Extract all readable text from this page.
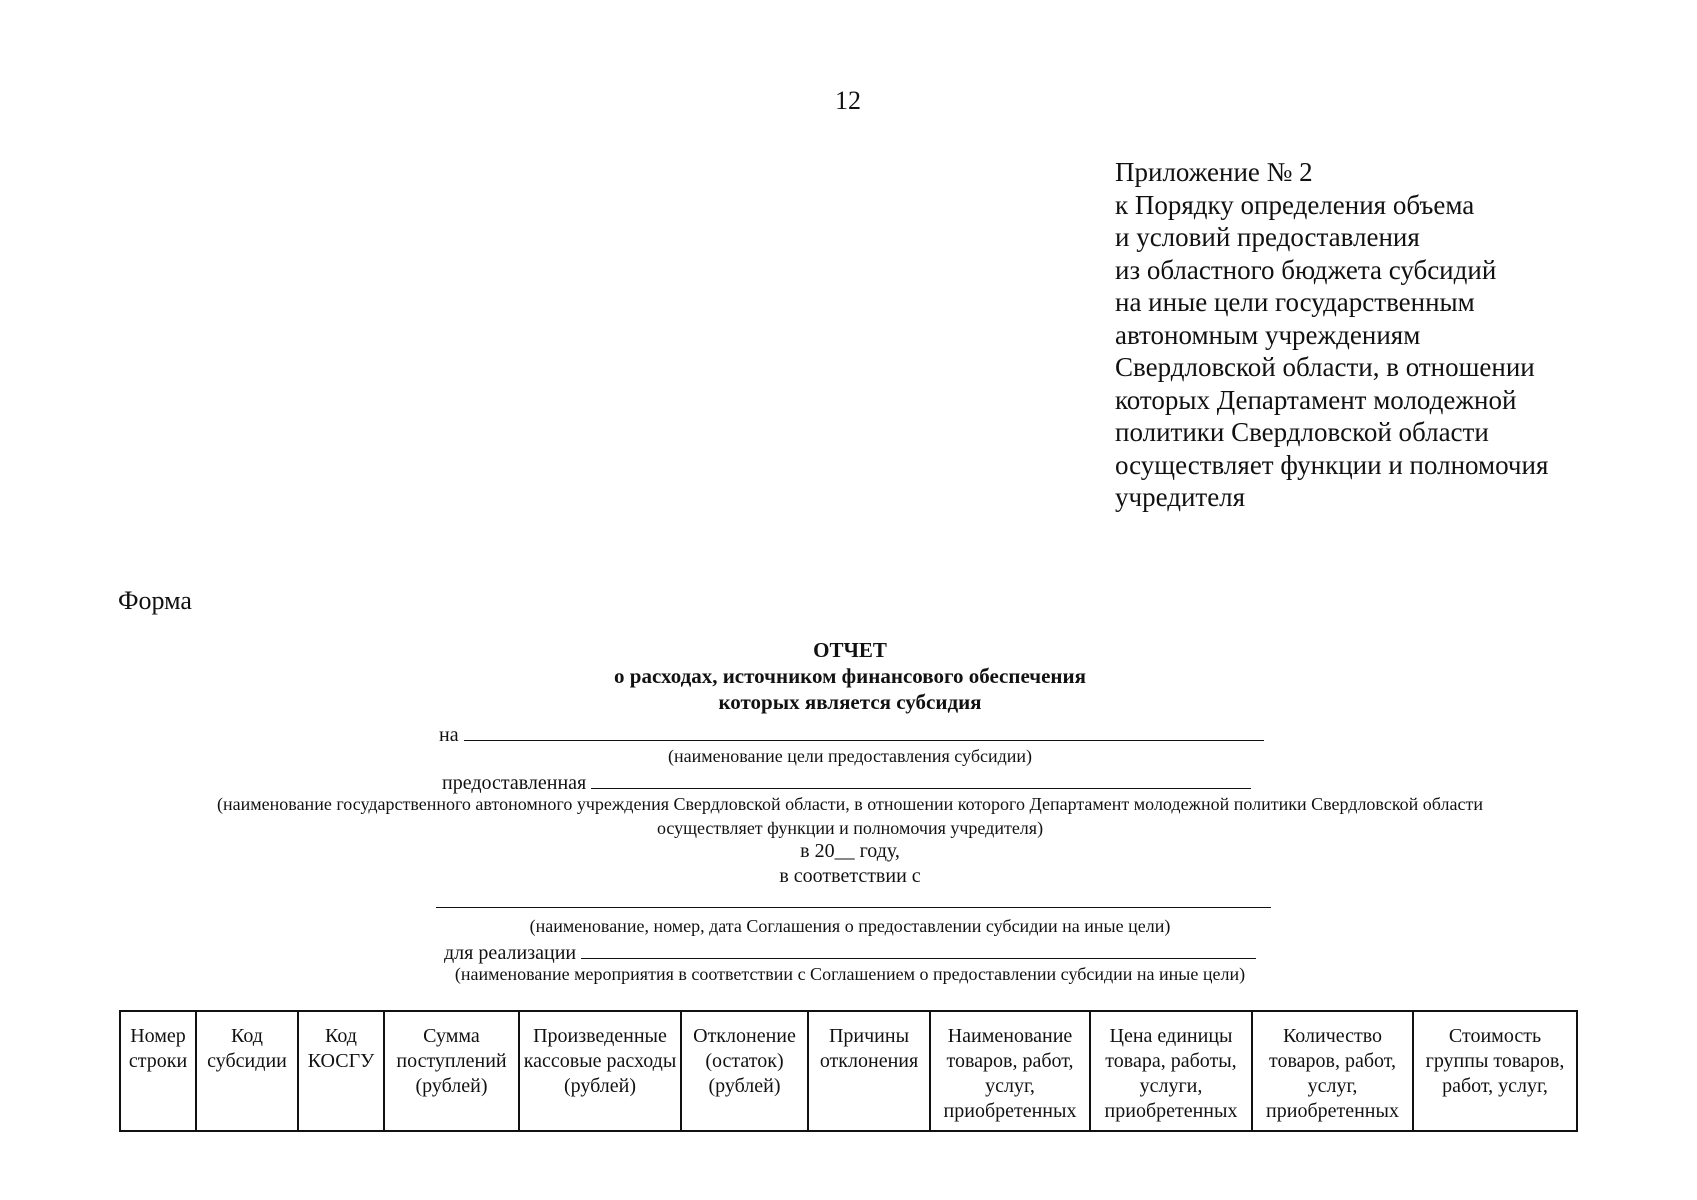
12
Приложение № 2
к Порядку определения объема
и условий предоставления
из областного бюджета субсидий
на иные цели государственным
автономным учреждениям
Свердловской области, в отношении
которых Департамент молодежной
политики Свердловской области
осуществляет функции и полномочия
учредителя
Форма
ОТЧЕТ
о расходах, источником финансового обеспечения
которых является субсидия
на
(наименование цели предоставления субсидии)
предоставленная
(наименование государственного автономного учреждения Свердловской области, в отношении которого Департамент молодежной политики Свердловской области
осуществляет функции и полномочия учредителя)
в 20__ году,
в соответствии с
(наименование, номер, дата Соглашения о предоставлении субсидии на иные цели)
для реализации
(наименование мероприятия в соответствии с Соглашением о предоставлении субсидии на иные цели)
Номер строки	Код субсидии	Код КОСГУ	Сумма поступлений (рублей)	Произведенные кассовые расходы (рублей)	Отклонение (остаток) (рублей)	Причины отклонения	Наименование товаров, работ, услуг, приобретенных	Цена единицы товара, работы, услуги, приобретенных	Количество товаров, работ, услуг, приобретенных	Стоимость группы товаров, работ, услуг,
